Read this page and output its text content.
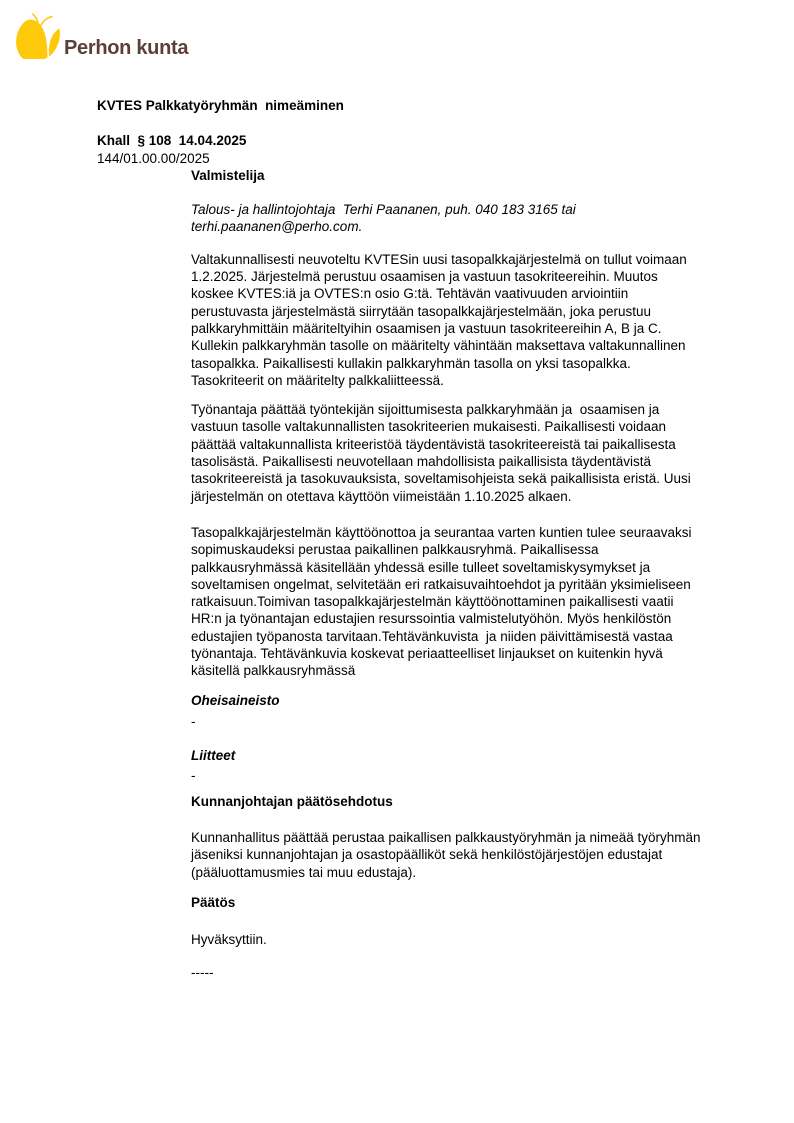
Perhon kunta
KVTES Palkkatyöryhmän  nimeäminen
Khall  § 108  14.04.2025
144/01.00.00/2025
Valmistelija

Talous- ja hallintojohtaja  Terhi Paananen, puh. 040 183 3165 tai terhi.paananen@perho.com.

Valtakunnallisesti neuvoteltu KVTESin uusi tasopalkkajärjestelmä on tullut voimaan 1.2.2025. Järjestelmä perustuu osaamisen ja vastuun tasokriteereihin. Muutos koskee KVTES:iä ja OVTES:n osio G:tä. Tehtävän vaativuuden arviointiin perustuvasta järjestelmästä siirrytään tasopalkkajärjestelmään, joka perustuu palkkaryhmittäin määriteltyihin osaamisen ja vastuun tasokriteereihin A, B ja C. Kullekin palkkaryhmän tasolle on määritelty vähintään maksettava valtakunnallinen tasopalkka. Paikallisesti kullakin palkkaryhmän tasolla on yksi tasopalkka. Tasokriteerit on määritelty palkkaliitteessä.

Työnantaja päättää työntekijän sijoittumisesta palkkaryhmään ja  osaamisen ja vastuun tasolle valtakunnallisten tasokriteerien mukaisesti. Paikallisesti voidaan päättää valtakunnallista kriteeristöä täydentävistä tasokriteereistä tai paikallisesta tasolisästä. Paikallisesti neuvotellaan mahdollisista paikallisista täydentävistä tasokriteereistä ja tasokuvauksista, soveltamisohjeista sekä paikallisista eristä. Uusi järjestelmän on otettava käyttöön viimeistään 1.10.2025 alkaen.

Tasopalkkajärjestelmän käyttöönottoa ja seurantaa varten kuntien tulee seuraavaksi sopimuskaudeksi perustaa paikallinen palkkausryhmä. Paikallisessa palkkausryhmässä käsitellään yhdessä esille tulleet soveltamiskysymykset ja soveltamisen ongelmat, selvitetään eri ratkaisuvaihtoehdot ja pyritään yksimieliseen ratkaisuun.Toimivan tasopalkkajärjestelmän käyttöönottaminen paikallisesti vaatii HR:n ja työnantajan edustajien resurssointia valmistelutyöhön. Myös henkilöstön edustajien työpanosta tarvitaan.Tehtävänkuvista  ja niiden päivittämisestä vastaa työnantaja. Tehtävänkuvia koskevat periaatteelliset linjaukset on kuitenkin hyvä käsitellä palkkausryhmässä

Oheisaineisto

-

Liitteet

-

Kunnanjohtajan päätösehdotus

Kunnanhallitus päättää perustaa paikallisen palkkaustyöryhmän ja nimeää työryhmän jäseniksi kunnanjohtajan ja osastopäälliköt sekä henkilöstöjärjestöjen edustajat (pääluottamusmies tai muu edustaja).

Päätös

Hyväksyttiin.

-----
